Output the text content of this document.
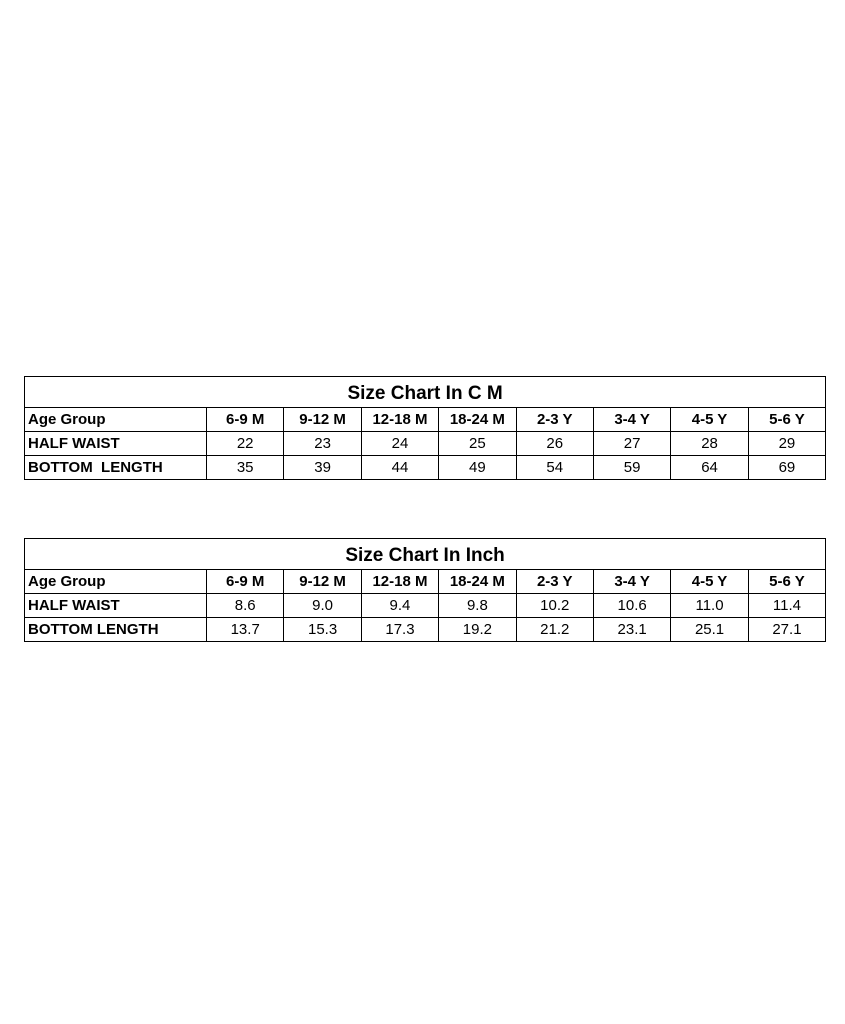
Size Chart In C M								
Age Group	6-9 M	9-12 M	12-18 M	18-24 M	2-3 Y	3-4 Y	4-5 Y	5-6 Y
HALF WAIST	22	23	24	25	26	27	28	29
BOTTOM  LENGTH	35	39	44	49	54	59	64	69
Size Chart In Inch								
Age Group	6-9 M	9-12 M	12-18 M	18-24 M	2-3 Y	3-4 Y	4-5 Y	5-6 Y
HALF WAIST	8.6	9.0	9.4	9.8	10.2	10.6	11.0	11.4
BOTTOM LENGTH	13.7	15.3	17.3	19.2	21.2	23.1	25.1	27.1
